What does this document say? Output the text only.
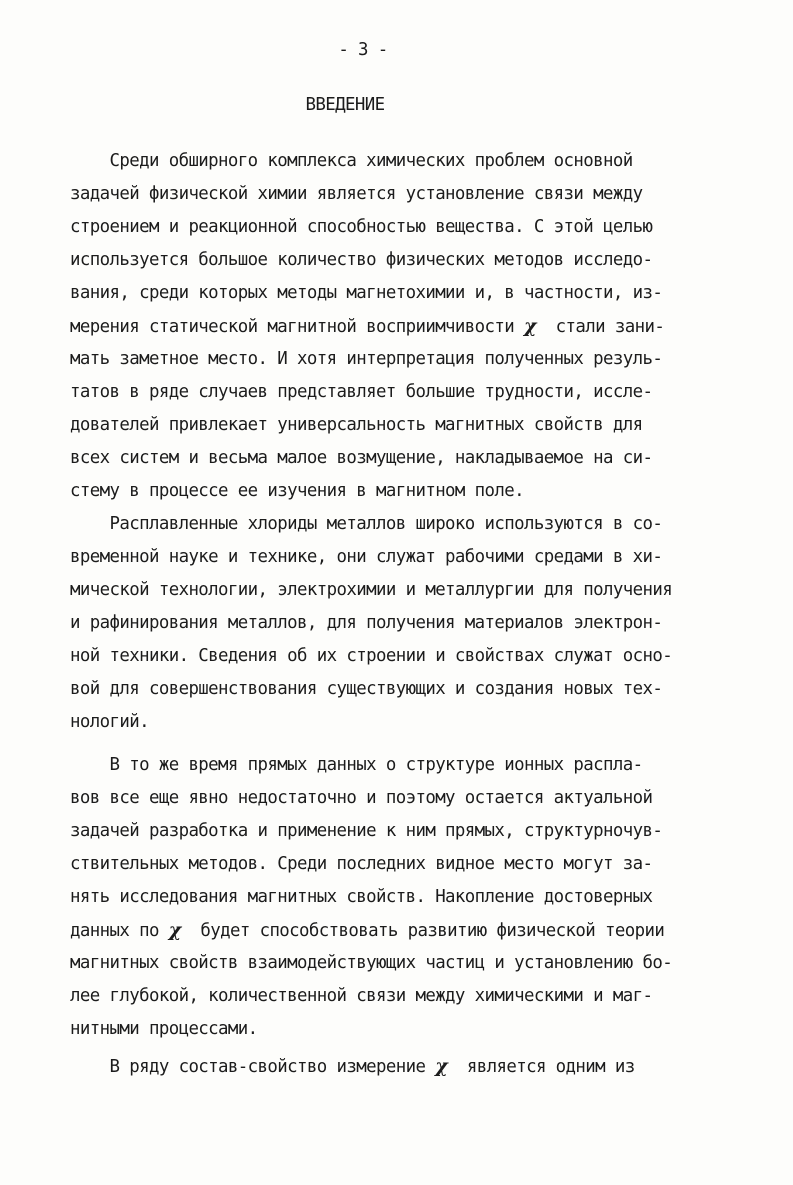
- 3 -
ВВЕДЕНИЕ
Среди обширного комплекса химических проблем основной
задачей физической химии является установление связи между
строением и реакционной способностью вещества. С этой целью
используется большое количество физических методов исследо-
вания, среди которых методы магнетохимии и, в частности, из-
мерения статической магнитной восприимчивости χ  стали зани-
мать заметное место. И хотя интерпретация полученных резуль-
татов в ряде случаев представляет большие трудности, иссле-
дователей привлекает универсальность магнитных свойств для
всех систем и весьма малое возмущение, накладываемое на си-
стему в процессе ее изучения в магнитном поле.
Расплавленные хлориды металлов широко используются в со-
временной науке и технике, они служат рабочими средами в хи-
мической технологии, электрохимии и металлургии для получения
и рафинирования металлов, для получения материалов электрон-
ной техники. Сведения об их строении и свойствах служат осно-
вой для совершенствования существующих и создания новых тех-
нологий.
В то же время прямых данных о структуре ионных распла-
вов все еще явно недостаточно и поэтому остается актуальной
задачей разработка и применение к ним прямых, структурночув-
ствительных методов. Среди последних видное место могут за-
нять исследования магнитных свойств. Накопление достоверных
данных по χ  будет способствовать развитию физической теории
магнитных свойств взаимодействующих частиц и установлению бо-
лее глубокой, количественной связи между химическими и маг-
нитными процессами.
В ряду состав-свойство измерение χ  является одним из
